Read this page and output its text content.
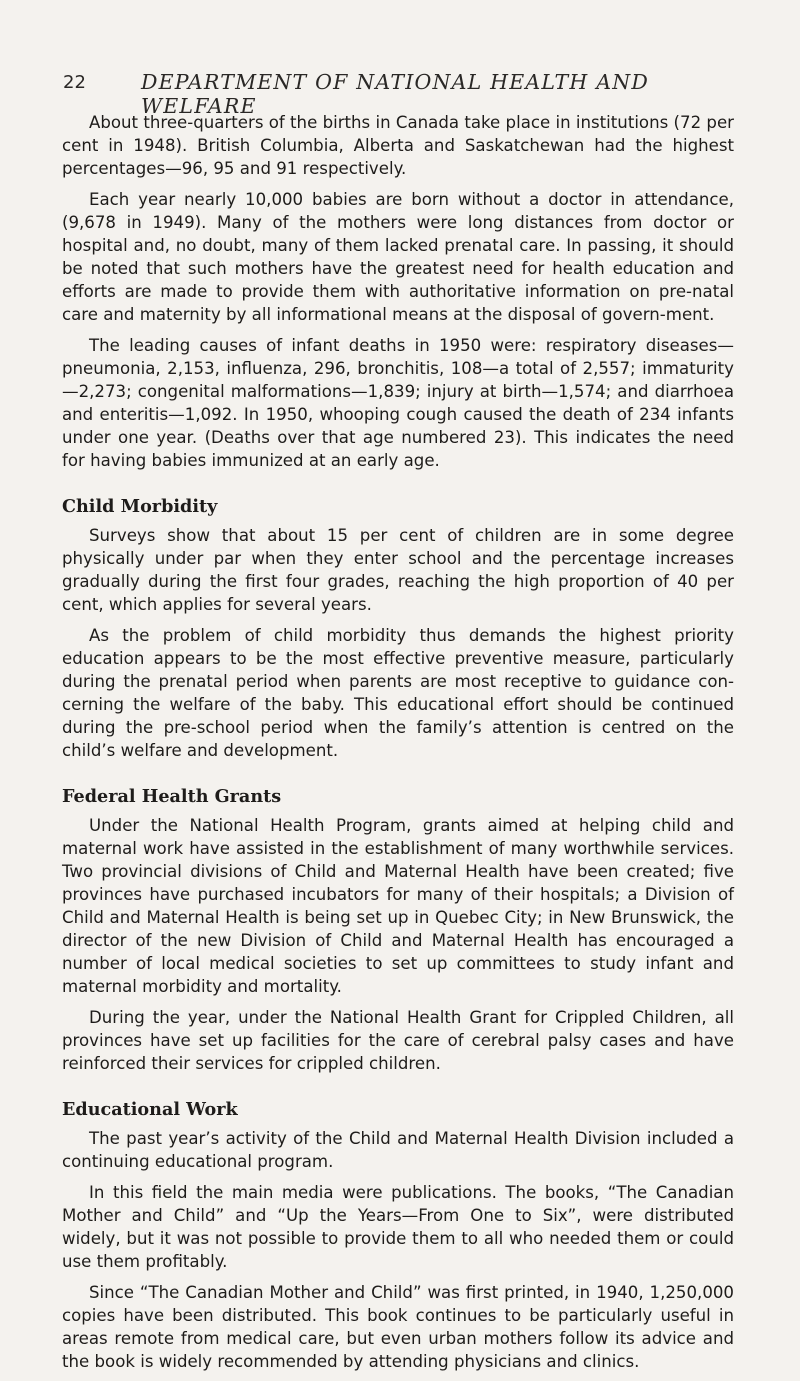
22	DEPARTMENT OF NATIONAL HEALTH AND WELFARE

About three-quarters of the births in Canada take place in institutions (72 per cent in 1948). British Columbia, Alberta and Saskatchewan had the highest percentages—96, 95 and 91 respectively.

Each year nearly 10,000 babies are born without a doctor in attendance, (9,678 in 1949). Many of the mothers were long distances from doctor or hospital and, no doubt, many of them lacked prenatal care. In passing, it should be noted that such mothers have the greatest need for health education and efforts are made to provide them with authoritative information on pre-natal care and maternity by all informational means at the disposal of govern-ment.

The leading causes of infant deaths in 1950 were: respiratory diseases—pneumonia, 2,153, influenza, 296, bronchitis, 108—a total of 2,557; immaturity—2,273; congenital malformations—1,839; injury at birth—1,574; and diarrhoea and enteritis—1,092. In 1950, whooping cough caused the death of 234 infants under one year. (Deaths over that age numbered 23). This indicates the need for having babies immunized at an early age.

Child Morbidity

Surveys show that about 15 per cent of children are in some degree physically under par when they enter school and the percentage increases gradually during the first four grades, reaching the high proportion of 40 per cent, which applies for several years.

As the problem of child morbidity thus demands the highest priority education appears to be the most effective preventive measure, particularly during the prenatal period when parents are most receptive to guidance con-cerning the welfare of the baby. This educational effort should be continued during the pre-school period when the family’s attention is centred on the child’s welfare and development.

Federal Health Grants

Under the National Health Program, grants aimed at helping child and maternal work have assisted in the establishment of many worthwhile services. Two provincial divisions of Child and Maternal Health have been created; five provinces have purchased incubators for many of their hospitals; a Division of Child and Maternal Health is being set up in Quebec City; in New Brunswick, the director of the new Division of Child and Maternal Health has encouraged a number of local medical societies to set up committees to study infant and maternal morbidity and mortality.

During the year, under the National Health Grant for Crippled Children, all provinces have set up facilities for the care of cerebral palsy cases and have reinforced their services for crippled children.

Educational Work

The past year’s activity of the Child and Maternal Health Division included a continuing educational program.

In this field the main media were publications. The books, “The Canadian Mother and Child” and “Up the Years—From One to Six”, were distributed widely, but it was not possible to provide them to all who needed them or could use them profitably.

Since “The Canadian Mother and Child” was first printed, in 1940, 1,250,000 copies have been distributed. This book continues to be particularly useful in areas remote from medical care, but even urban mothers follow its advice and the book is widely recommended by attending physicians and clinics.
